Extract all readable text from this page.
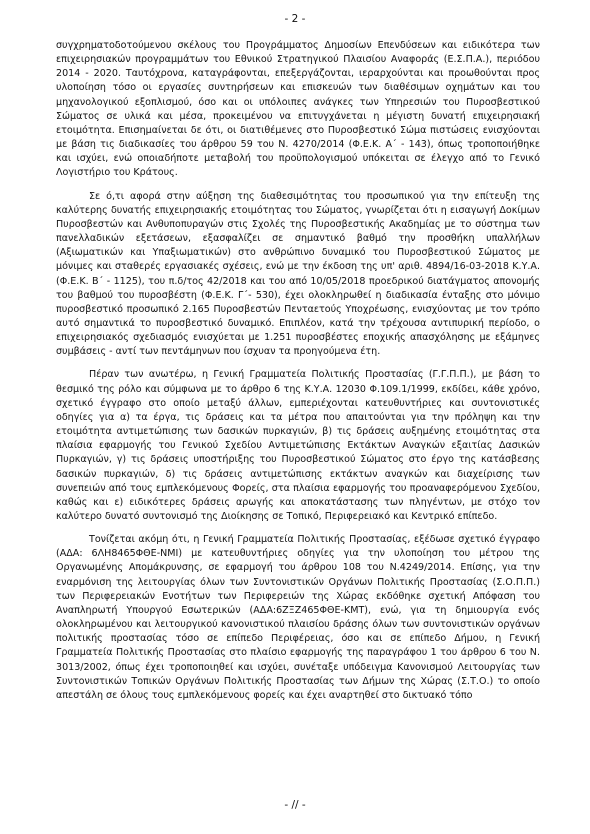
- 2 -

συγχρηματοδοτούμενου σκέλους του Προγράμματος Δημοσίων Επενδύσεων και ειδικότερα των επιχειρησιακών προγραμμάτων του Εθνικού Στρατηγικού Πλαισίου Αναφοράς (Ε.Σ.Π.Α.), περιόδου 2014 - 2020. Ταυτόχρονα, καταγράφονται, επεξεργάζονται, ιεραρχούνται και προωθούνται προς υλοποίηση τόσο οι εργασίες συντηρήσεων και επισκευών των διαθέσιμων οχημάτων και του μηχανολογικού εξοπλισμού, όσο και οι υπόλοιπες ανάγκες των Υπηρεσιών του Πυροσβεστικού Σώματος σε υλικά και μέσα, προκειμένου να επιτυγχάνεται η μέγιστη δυνατή επιχειρησιακή ετοιμότητα. Επισημαίνεται δε ότι, οι διατιθέμενες στο Πυροσβεστικό Σώμα πιστώσεις ενισχύονται με βάση τις διαδικασίες του άρθρου 59 του Ν. 4270/2014 (Φ.Ε.Κ. Α΄ - 143), όπως τροποποιήθηκε και ισχύει, ενώ οποιαδήποτε μεταβολή του προϋπολογισμού υπόκειται σε έλεγχο από το Γενικό Λογιστήριο του Κράτους.

Σε ό,τι αφορά στην αύξηση της διαθεσιμότητας του προσωπικού για την επίτευξη της καλύτερης δυνατής επιχειρησιακής ετοιμότητας του Σώματος, γνωρίζεται ότι η εισαγωγή Δοκίμων Πυροσβεστών και Ανθυποπυραγών στις Σχολές της Πυροσβεστικής Ακαδημίας με το σύστημα των πανελλαδικών εξετάσεων, εξασφαλίζει σε σημαντικό βαθμό την προσθήκη υπαλλήλων (Αξιωματικών και Υπαξιωματικών) στο ανθρώπινο δυναμικό του Πυροσβεστικού Σώματος με μόνιμες και σταθερές εργασιακές σχέσεις, ενώ με την έκδοση της υπ' αριθ. 4894/16-03-2018 Κ.Υ.Α. (Φ.Ε.Κ. Β΄ - 1125), του π.δ/τος 42/2018 και του από 10/05/2018 προεδρικού διατάγματος απονομής του βαθμού του πυροσβέστη (Φ.Ε.Κ. Γ΄- 530), έχει ολοκληρωθεί η διαδικασία ένταξης στο μόνιμο πυροσβεστικό προσωπικό 2.165 Πυροσβεστών Πενταετούς Υποχρέωσης, ενισχύοντας με τον τρόπο αυτό σημαντικά το πυροσβεστικό δυναμικό. Επιπλέον, κατά την τρέχουσα αντιπυρική περίοδο, ο επιχειρησιακός σχεδιασμός ενισχύεται με 1.251 πυροσβέστες εποχικής απασχόλησης με εξάμηνες συμβάσεις - αντί των πεντάμηνων που ίσχυαν τα προηγούμενα έτη.

Πέραν των ανωτέρω, η Γενική Γραμματεία Πολιτικής Προστασίας (Γ.Γ.Π.Π.), με βάση το θεσμικό της ρόλο και σύμφωνα με το άρθρο 6 της Κ.Υ.Α. 12030 Φ.109.1/1999, εκδίδει, κάθε χρόνο, σχετικό έγγραφο στο οποίο μεταξύ άλλων, εμπεριέχονται κατευθυντήριες και συντονιστικές οδηγίες για α) τα έργα, τις δράσεις και τα μέτρα που απαιτούνται για την πρόληψη και την ετοιμότητα αντιμετώπισης των δασικών πυρκαγιών, β) τις δράσεις αυξημένης ετοιμότητας στα πλαίσια εφαρμογής του Γενικού Σχεδίου Αντιμετώπισης Εκτάκτων Αναγκών εξαιτίας Δασικών Πυρκαγιών, γ) τις δράσεις υποστήριξης του Πυροσβεστικού Σώματος στο έργο της κατάσβεσης δασικών πυρκαγιών, δ) τις δράσεις αντιμετώπισης εκτάκτων αναγκών και διαχείρισης των συνεπειών από τους εμπλεκόμενους Φορείς, στα πλαίσια εφαρμογής του προαναφερόμενου Σχεδίου, καθώς και ε) ειδικότερες δράσεις αρωγής και αποκατάστασης των πληγέντων, με στόχο τον καλύτερο δυνατό συντονισμό της Διοίκησης σε Τοπικό, Περιφερειακό και Κεντρικό επίπεδο.

Τονίζεται ακόμη ότι, η Γενική Γραμματεία Πολιτικής Προστασίας, εξέδωσε σχετικό έγγραφο (ΑΔΑ: 6ΛΗ8465ΦΘΕ-ΝΜΙ) με κατευθυντήριες οδηγίες για την υλοποίηση του μέτρου της Οργανωμένης Απομάκρυνσης, σε εφαρμογή του άρθρου 108 του Ν.4249/2014. Επίσης, για την εναρμόνιση της λειτουργίας όλων των Συντονιστικών Οργάνων Πολιτικής Προστασίας (Σ.Ο.Π.Π.) των Περιφερειακών Ενοτήτων των Περιφερειών της Χώρας εκδόθηκε σχετική Απόφαση του Αναπληρωτή Υπουργού Εσωτερικών (ΑΔΑ:6ΖΞΖ465ΦΘΕ-ΚΜΤ), ενώ, για τη δημιουργία ενός ολοκληρωμένου και λειτουργικού κανονιστικού πλαισίου δράσης όλων των συντονιστικών οργάνων πολιτικής προστασίας τόσο σε επίπεδο Περιφέρειας, όσο και σε επίπεδο Δήμου, η Γενική Γραμματεία Πολιτικής Προστασίας στο πλαίσιο εφαρμογής της παραγράφου 1 του άρθρου 6 του Ν. 3013/2002, όπως έχει τροποποιηθεί και ισχύει, συνέταξε υπόδειγμα Κανονισμού Λειτουργίας των Συντονιστικών Τοπικών Οργάνων Πολιτικής Προστασίας των Δήμων της Χώρας (Σ.Τ.Ο.) το οποίο απεστάλη σε όλους τους εμπλεκόμενους φορείς και έχει αναρτηθεί στο δικτυακό τόπο

- // -
